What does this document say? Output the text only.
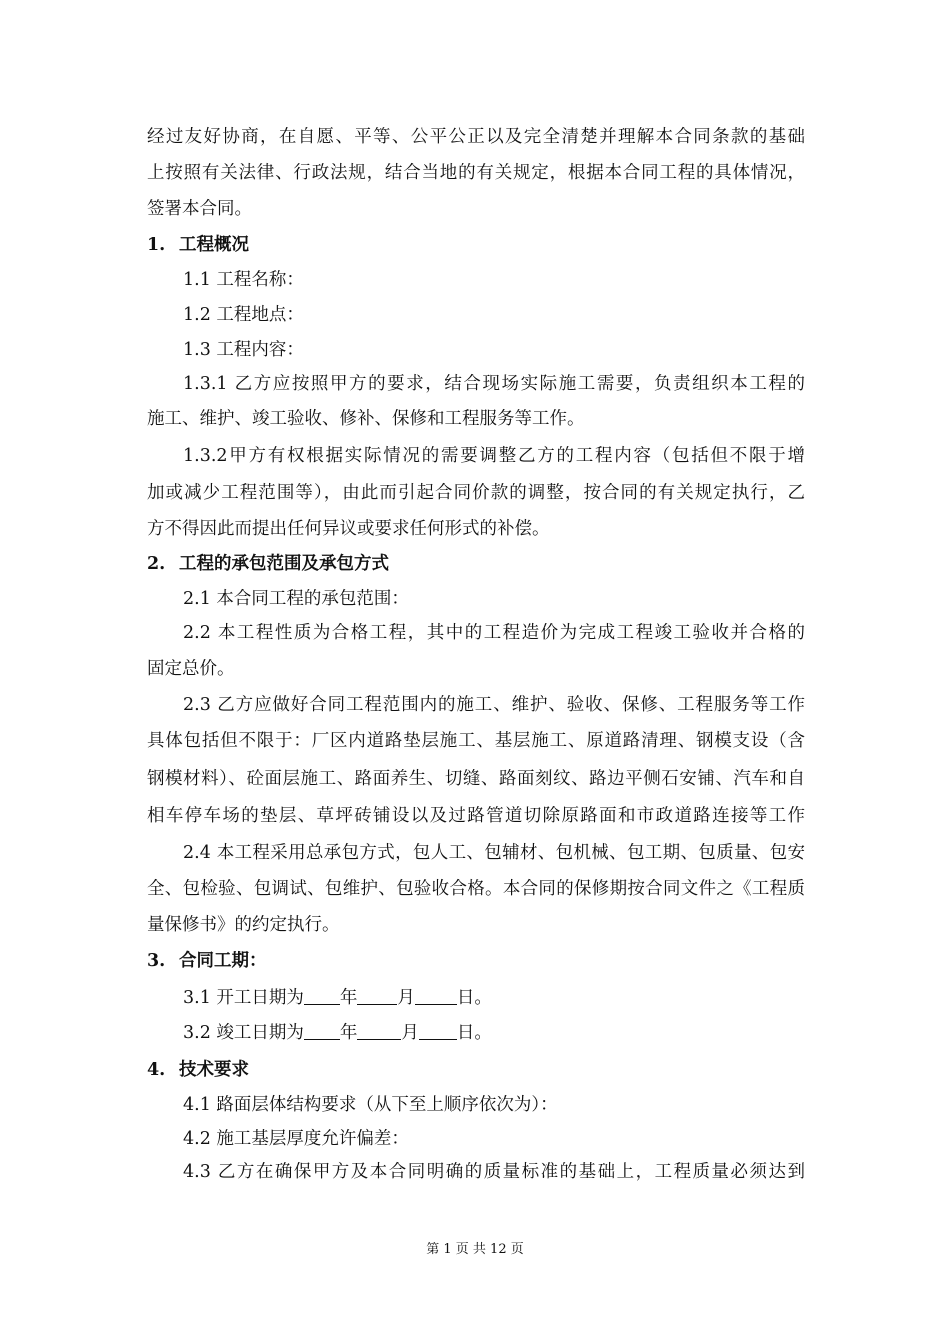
经过友好协商，在自愿、平等、公平公正以及完全清楚并理解本合同条款的基础
上按照有关法律、行政法规，结合当地的有关规定，根据本合同工程的具体情况，
签署本合同。
1. 工程概况
1.1 工程名称：
1.2 工程地点：
1.3 工程内容：
1.3.1 乙方应按照甲方的要求，结合现场实际施工需要，负责组织本工程的
施工、维护、竣工验收、修补、保修和工程服务等工作。
1.3.2甲方有权根据实际情况的需要调整乙方的工程内容（包括但不限于增
加或减少工程范围等），由此而引起合同价款的调整，按合同的有关规定执行，乙
方不得因此而提出任何异议或要求任何形式的补偿。
2. 工程的承包范围及承包方式
2.1 本合同工程的承包范围：
2.2 本工程性质为合格工程，其中的工程造价为完成工程竣工验收并合格的
固定总价。
2.3 乙方应做好合同工程范围内的施工、维护、验收、保修、工程服务等工作
具体包括但不限于：厂区内道路垫层施工、基层施工、原道路清理、钢模支设（含
钢模材料）、砼面层施工、路面养生、切缝、路面刻纹、路边平侧石安铺、汽车和自
相车停车场的垫层、草坪砖铺设以及过路管道切除原路面和市政道路连接等工作
2.4 本工程采用总承包方式，包人工、包辅材、包机械、包工期、包质量、包安
全、包检验、包调试、包维护、包验收合格。本合同的保修期按合同文件之《工程质
量保修书》的约定执行。
3. 合同工期：
3.1 开工日期为 年 月 日。
3.2 竣工日期为 年	月 日。
4. 技术要求
4.1 路面层体结构要求（从下至上顺序依次为）：
4.2 施工基层厚度允许偏差：
4.3 乙方在确保甲方及本合同明确的质量标准的基础上，工程质量必须达到
第 1 页 共 12 页
